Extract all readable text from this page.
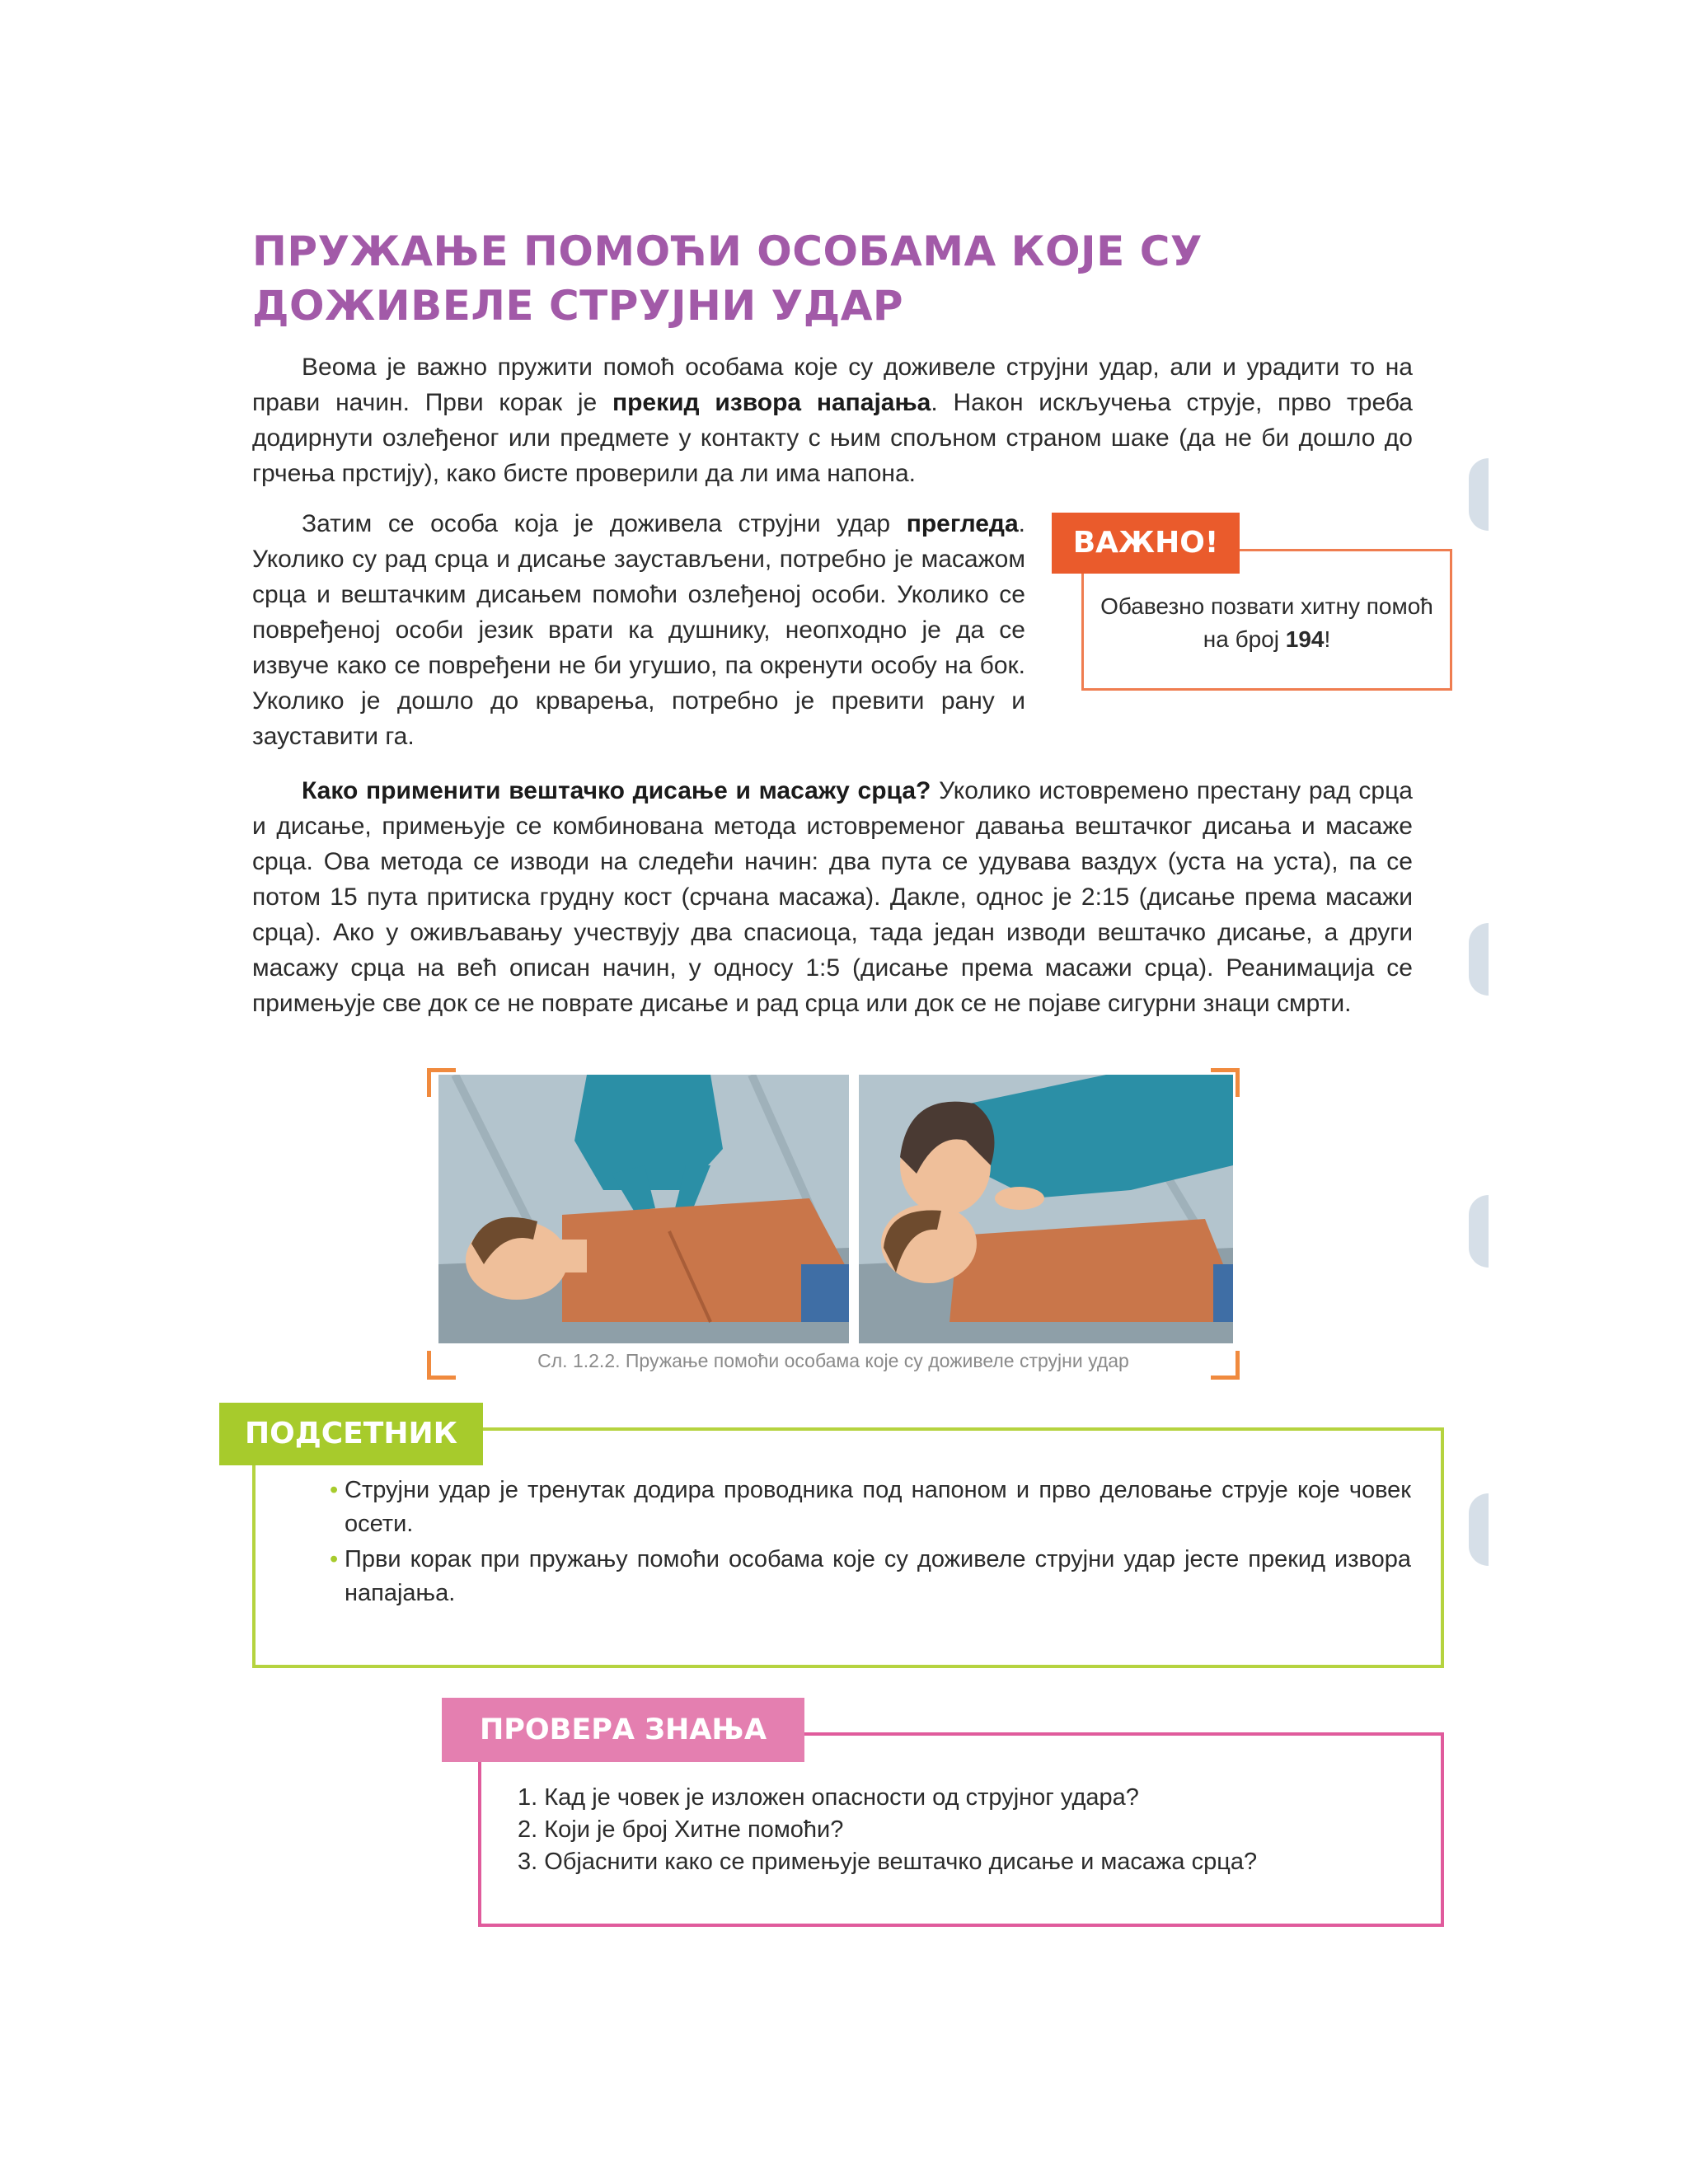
ПРУЖАЊЕ ПОМОЋИ ОСОБАМА КОЈЕ СУ ДОЖИВЕЛЕ СТРУЈНИ УДАР

Веома је важно пружити помоћ особама које су доживеле струјни удар, али и урадити то на прави начин. Први корак је прекид извора напајања. Након искључења струје, прво треба додирнути озлеђеног или предмете у контакту с њим спољном страном шаке (да не би дошло до грчења прстију), како бисте проверили да ли има напона.

Затим се особа која је доживела струјни удар прегледа. Уколико су рад срца и дисање заустављени, потребно је масажом срца и вештачким дисањем помоћи озлеђеној особи. Уколико се повређеној особи језик врати ка душнику, неопходно је да се извуче како се повређени не би угушио, па окренути особу на бок. Уколико је дошло до крварења, потребно је превити рану и зауставити га.

ВАЖНО!
Обавезно позвати хитну помоћ на број 194!

Како применити вештачко дисање и масажу срца? Уколико истовремено престану рад срца и дисање, примењује се комбинована метода истовременог давања вештачког дисања и масаже срца. Ова метода се изводи на следећи начин: два пута се удувава ваздух (уста на уста), па се потом 15 пута притиска грудну кост (срчана масажа). Дакле, однос је 2:15 (дисање према масажи срца). Ако у оживљавању учествују два спасиоца, тада један изводи вештачко дисање, а други масажу срца на већ описан начин, у односу 1:5 (дисање према масажи срца). Реанимација се примењује све док се не поврате дисање и рад срца или док се не појаве сигурни знаци смрти.

Сл. 1.2.2. Пружање помоћи особама које су доживеле струјни удар
ПОДСЕТНИК
• Струјни удар је тренутак додира проводника под напоном и прво деловање струје које човек осети.
• Први корак при пружању помоћи особама које су доживеле струјни удар јесте прекид извора напајања.
ПРОВЕРА ЗНАЊА
1. Кад је човек је изложен опасности од струјног удара?
2. Који је број Хитне помоћи?
3. Објаснити како се примењује вештачко дисање и масажа срца?
